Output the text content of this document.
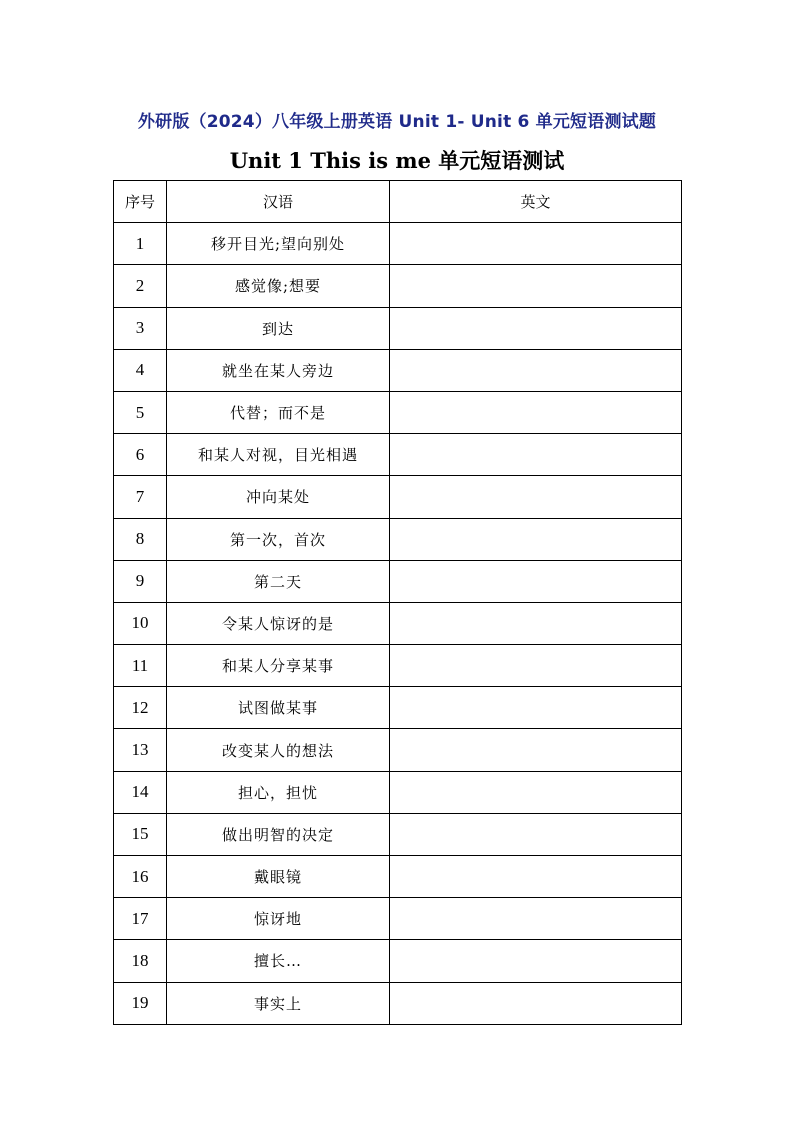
外研版（2024）八年级上册英语 Unit 1- Unit 6 单元短语测试题
Unit 1 This is me 单元短语测试
序号	汉语	英文
1	移开目光;望向别处	
2	感觉像;想要	
3	到达	
4	就坐在某人旁边	
5	代替；而不是	
6	和某人对视，目光相遇	
7	冲向某处	
8	第一次，首次	
9	第二天	
10	令某人惊讶的是	
11	和某人分享某事	
12	试图做某事	
13	改变某人的想法	
14	担心，担忧	
15	做出明智的决定	
16	戴眼镜	
17	惊讶地	
18	擅长…	
19	事实上	
